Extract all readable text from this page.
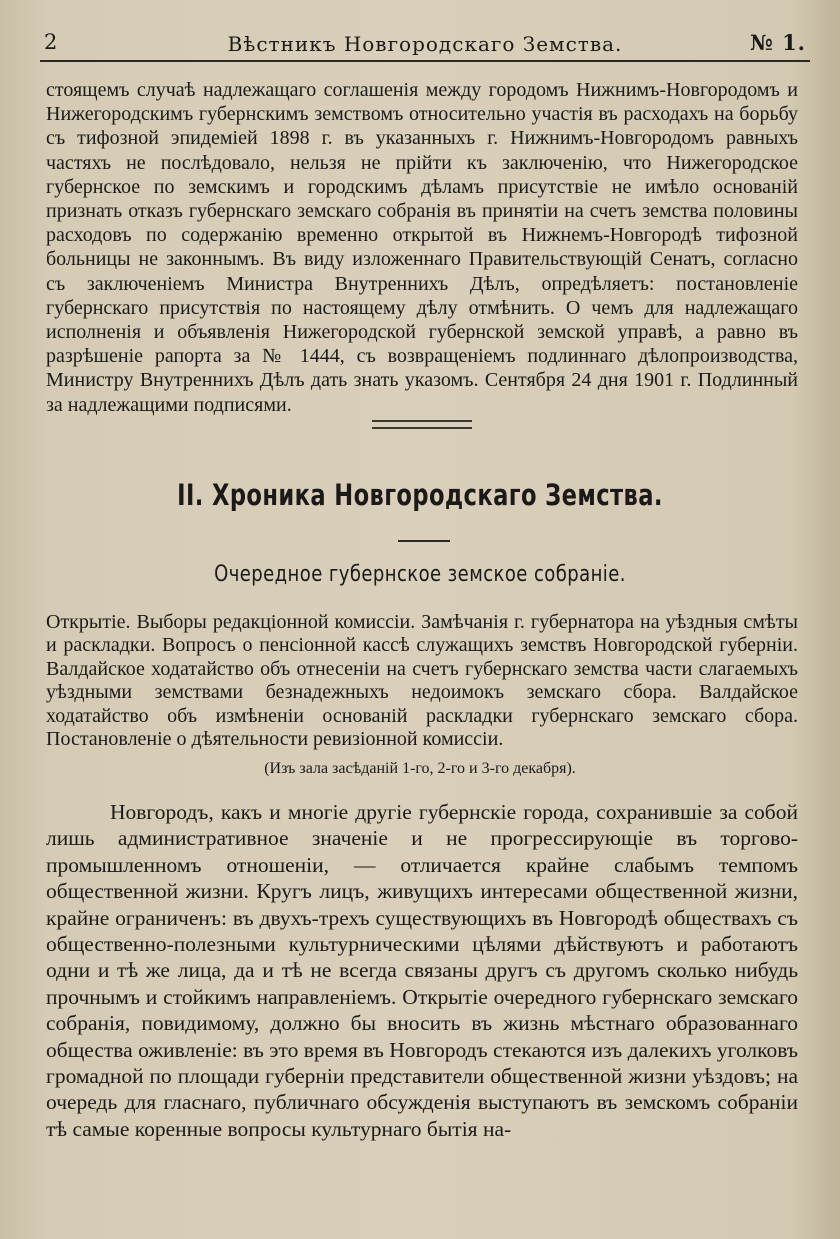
2	Вѣстникъ Новгородскаго Земства.	№ 1.

стоящемъ случаѣ надлежащаго соглашенія между городомъ Нижнимъ-Новгородомъ и Нижегородскимъ губернскимъ земствомъ относительно участія въ расходахъ на борьбу съ тифозной эпидеміей 1898 г. въ указанныхъ г. Нижнимъ-Новгородомъ равныхъ частяхъ не послѣдовало, нельзя не прійти къ заключенію, что Нижегородское губернское по земскимъ и городскимъ дѣламъ присутствіе не имѣло основаній признать отказъ губернскаго земскаго собранія въ принятіи на счетъ земства половины расходовъ по содержанію временно открытой въ Нижнемъ-Новгородѣ тифозной больницы не законнымъ. Въ виду изложеннаго Правительствующій Сенатъ, согласно съ заключеніемъ Министра Внутреннихъ Дѣлъ, опредѣляетъ: постановленіе губернскаго присутствія по настоящему дѣлу отмѣнить. О чемъ для надлежащаго исполненія и объявленія Нижегородской губернской земской управѣ, а равно въ разрѣшеніе рапорта за № 1444, съ возвращеніемъ подлиннаго дѣлопроизводства, Министру Внутреннихъ Дѣлъ дать знать указомъ. Сентября 24 дня 1901 г. Подлинный за надлежащими подписями.

II. Хроника Новгородскаго Земства.
Очередное губернское земское собраніе.

Открытіе. Выборы редакціонной комиссіи. Замѣчанія г. губернатора на уѣздныя смѣты и раскладки. Вопросъ о пенсіонной кассѣ служащихъ земствъ Новгородской губерніи. Валдайское ходатайство объ отнесеніи на счетъ губернскаго земства части слагаемыхъ уѣздными земствами безнадежныхъ недоимокъ земскаго сбора. Валдайское ходатайство объ измѣненіи основаній раскладки губернскаго земскаго сбора. Постановленіе о дѣятельности ревизіонной комиссіи.

(Изъ зала засѣданій 1-го, 2-го и 3-го декабря).

Новгородъ, какъ и многіе другіе губернскіе города, сохранившіе за собой лишь административное значеніе и не прогрессирующіе въ торгово-промышленномъ отношеніи, — отличается крайне слабымъ темпомъ общественной жизни. Кругъ лицъ, живущихъ интересами общественной жизни, крайне ограниченъ: въ двухъ-трехъ существующихъ въ Новгородѣ обществахъ съ общественно-полезными культурническими цѣлями дѣйствуютъ и работаютъ одни и тѣ же лица, да и тѣ не всегда связаны другъ съ другомъ сколько нибудь прочнымъ и стойкимъ направленіемъ. Открытіе очередного губернскаго земскаго собранія, повидимому, должно бы вносить въ жизнь мѣстнаго образованнаго общества оживленіе: въ это время въ Новгородъ стекаются изъ далекихъ уголковъ громадной по площади губерніи представители общественной жизни уѣздовъ; на очередь для гласнаго, публичнаго обсужденія выступаютъ въ земскомъ собраніи тѣ самые коренные вопросы культурнаго бытія на-
